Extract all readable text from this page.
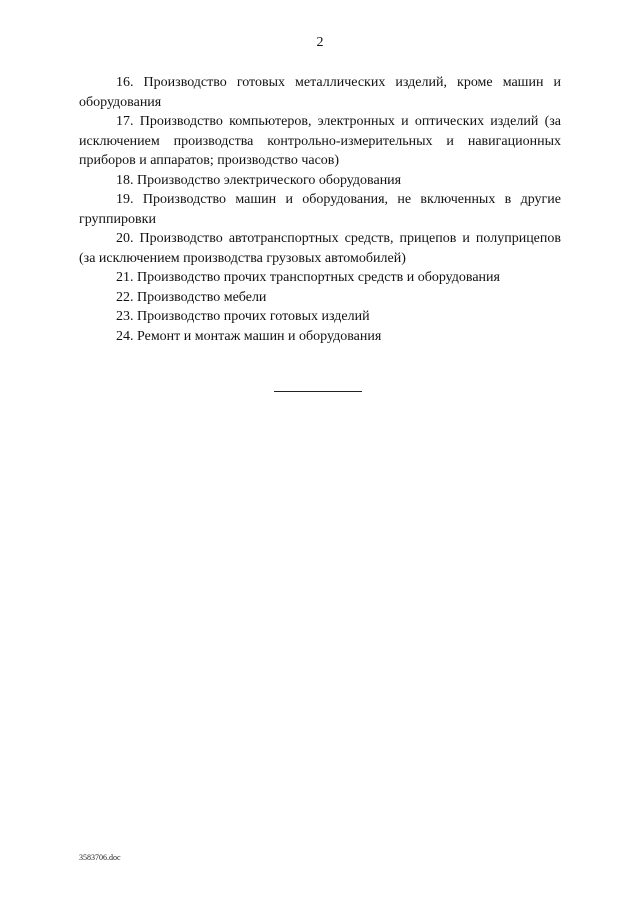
2

16. Производство готовых металлических изделий, кроме машин и оборудования

17. Производство компьютеров, электронных и оптических изделий (за исключением производства контрольно-измерительных и навигационных приборов и аппаратов; производство часов)

18. Производство электрического оборудования

19. Производство машин и оборудования, не включенных в другие группировки

20. Производство автотранспортных средств, прицепов и полуприцепов (за исключением производства грузовых автомобилей)

21. Производство прочих транспортных средств и оборудования

22. Производство мебели

23. Производство прочих готовых изделий

24. Ремонт и монтаж машин и оборудования

3583706.doc
